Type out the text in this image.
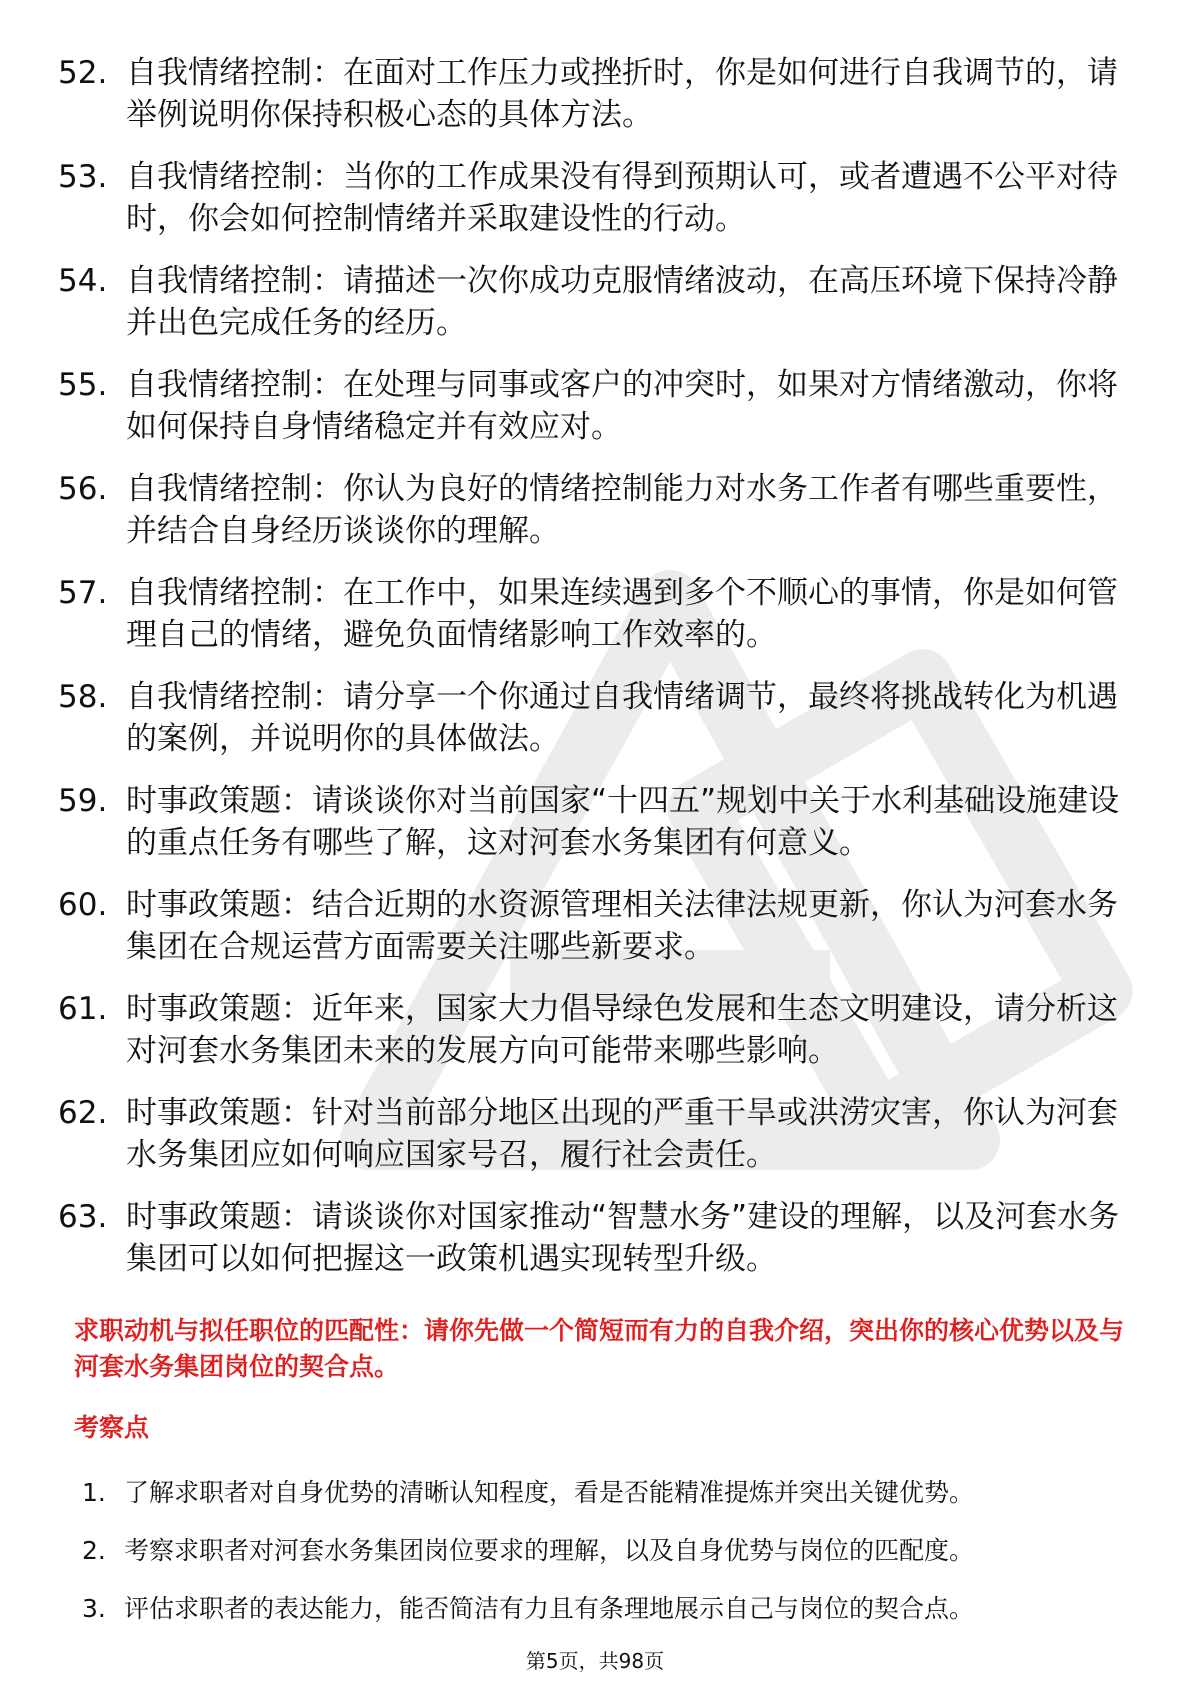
52. 自我情绪控制：在面对工作压力或挫折时，你是如何进行自我调节的，请举例说明你保持积极心态的具体方法。
53. 自我情绪控制：当你的工作成果没有得到预期认可，或者遭遇不公平对待时，你会如何控制情绪并采取建设性的行动。
54. 自我情绪控制：请描述一次你成功克服情绪波动，在高压环境下保持冷静并出色完成任务的经历。
55. 自我情绪控制：在处理与同事或客户的冲突时，如果对方情绪激动，你将如何保持自身情绪稳定并有效应对。
56. 自我情绪控制：你认为良好的情绪控制能力对水务工作者有哪些重要性，并结合自身经历谈谈你的理解。
57. 自我情绪控制：在工作中，如果连续遇到多个不顺心的事情，你是如何管理自己的情绪，避免负面情绪影响工作效率的。
58. 自我情绪控制：请分享一个你通过自我情绪调节，最终将挑战转化为机遇的案例，并说明你的具体做法。
59. 时事政策题：请谈谈你对当前国家“十四五”规划中关于水利基础设施建设的重点任务有哪些了解，这对河套水务集团有何意义。
60. 时事政策题：结合近期的水资源管理相关法律法规更新，你认为河套水务集团在合规运营方面需要关注哪些新要求。
61. 时事政策题：近年来，国家大力倡导绿色发展和生态文明建设，请分析这对河套水务集团未来的发展方向可能带来哪些影响。
62. 时事政策题：针对当前部分地区出现的严重干旱或洪涝灾害，你认为河套水务集团应如何响应国家号召，履行社会责任。
63. 时事政策题：请谈谈你对国家推动“智慧水务”建设的理解，以及河套水务集团可以如何把握这一政策机遇实现转型升级。
求职动机与拟任职位的匹配性：请你先做一个简短而有力的自我介绍，突出你的核心优势以及与河套水务集团岗位的契合点。
考察点
1. 了解求职者对自身优势的清晰认知程度，看是否能精准提炼并突出关键优势。
2. 考察求职者对河套水务集团岗位要求的理解，以及自身优势与岗位的匹配度。
3. 评估求职者的表达能力，能否简洁有力且有条理地展示自己与岗位的契合点。
第5页，共98页
